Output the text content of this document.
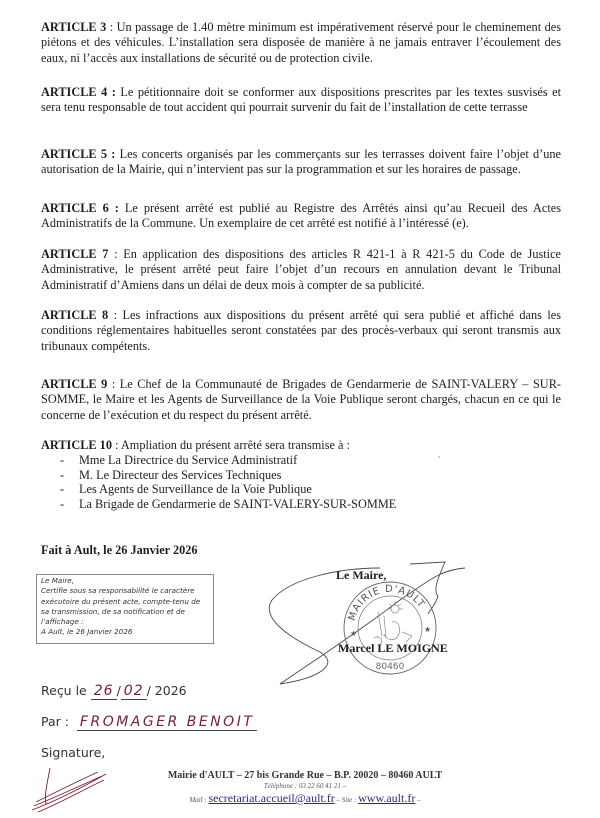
ARTICLE 3 : Un passage de 1.40 mètre minimum est impérativement réservé pour le cheminement des piétons et des véhicules. L’installation sera disposée de manière à ne jamais entraver l’écoulement des eaux, ni l’accès aux installations de sécurité ou de protection civile.
ARTICLE 4 : Le pétitionnaire doit se conformer aux dispositions prescrites par les textes susvisés et sera tenu responsable de tout accident qui pourrait survenir du fait de l’installation de cette terrasse
ARTICLE 5 : Les concerts organisés par les commerçants sur les terrasses doivent faire l’objet d’une autorisation de la Mairie, qui n’intervient pas sur la programmation et sur les horaires de passage.
ARTICLE 6 : Le présent arrêté est publié au Registre des Arrêtés ainsi qu’au Recueil des Actes Administratifs de la Commune. Un exemplaire de cet arrêté est notifié à l’intéressé (e).
ARTICLE 7 : En application des dispositions des articles R 421-1 à R 421-5 du Code de Justice Administrative, le présent arrêté peut faire l’objet d’un recours en annulation devant le Tribunal Administratif d’Amiens dans un délai de deux mois à compter de sa publicité.
ARTICLE 8 : Les infractions aux dispositions du présent arrêté qui sera publié et affiché dans les conditions réglementaires habituelles seront constatées par des procès-verbaux qui seront transmis aux tribunaux compétents.
ARTICLE 9 : Le Chef de la Communauté de Brigades de Gendarmerie de SAINT-VALERY – SUR-SOMME, le Maire et les Agents de Surveillance de la Voie Publique seront chargés, chacun en ce qui le concerne de l’exécution et du respect du présent arrêté.
ARTICLE 10 : Ampliation du présent arrêté sera transmise à :
-	Mme La Directrice du Service Administratif
-	M. Le Directeur des Services Techniques
-	Les Agents de Surveillance de la Voie Publique
-	La Brigade de Gendarmerie de SAINT-VALERY-SUR-SOMME
Fait à Ault, le 26 Janvier 2026
Le Maire,
Certifie sous sa responsabilité le caractère
exécutoire du présent acte, compte-tenu de
sa transmission, de sa notification et de
l’affichage :
A Ault, le 26 Janvier 2026
MAIRIE D'AULT
★	★
80460
Le Maire,
Marcel LE MOIGNE
Reçu le 26 / 02 / 2026
Par : FROMAGER BENOIT
Signature,
Mairie d'AULT – 27 bis Grande Rue – B.P. 20020 – 80460 AULT
Téléphone : 03 22 60 41 21 –
Mail : secretariat.accueil@ault.fr – Site : www.ault.fr –
